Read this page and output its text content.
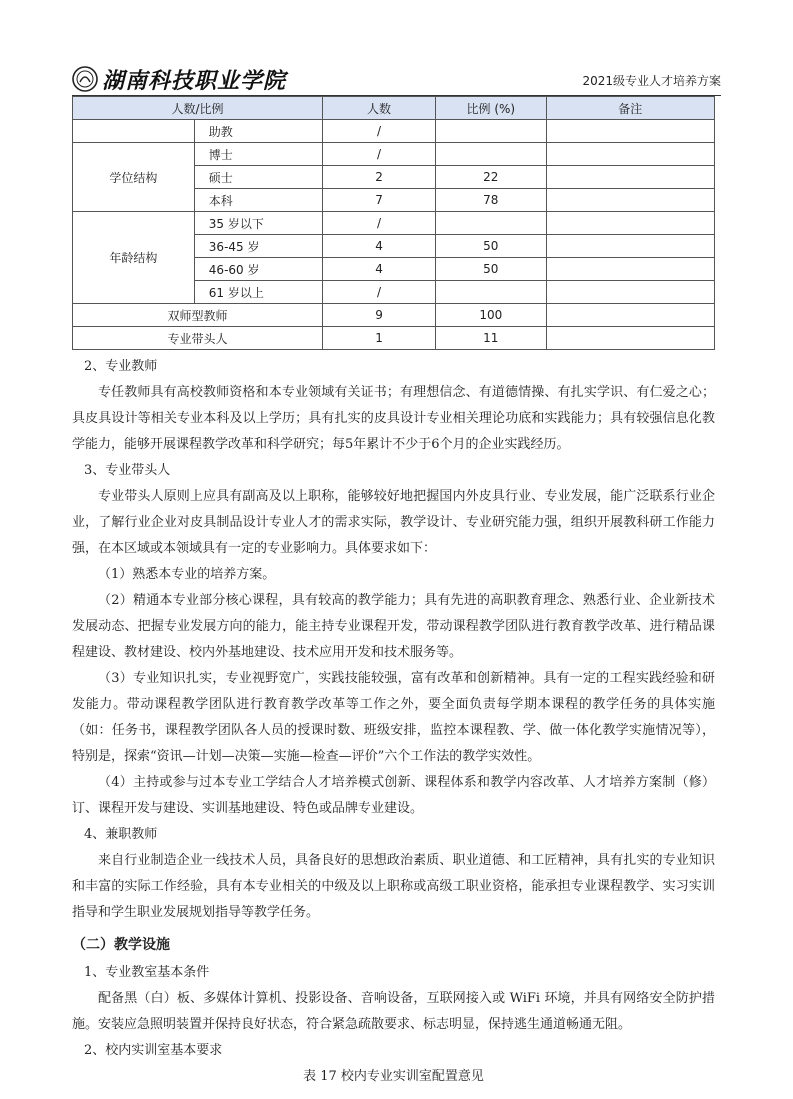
湖南科技职业学院	2021级专业人才培养方案
人数/比例		人数	比例 (%)	备注
	助教	/		
学位结构	博士	/		
	硕士	2	22	
	本科	7	78	
年龄结构	35 岁以下	/		
	36-45 岁	4	50	
	46-60 岁	4	50	
	61 岁以上	/		
双师型教师		9	100	
专业带头人		1	11	

2、专业教师

专任教师具有高校教师资格和本专业领域有关证书；有理想信念、有道德情操、有扎实学识、有仁爱之心；具皮具设计等相关专业本科及以上学历；具有扎实的皮具设计专业相关理论功底和实践能力；具有较强信息化教学能力，能够开展课程教学改革和科学研究；每5年累计不少于6个月的企业实践经历。

3、专业带头人

专业带头人原则上应具有副高及以上职称，能够较好地把握国内外皮具行业、专业发展，能广泛联系行业企业，了解行业企业对皮具制品设计专业人才的需求实际，教学设计、专业研究能力强，组织开展教科研工作能力强，在本区域或本领域具有一定的专业影响力。具体要求如下：

（1）熟悉本专业的培养方案。

（2）精通本专业部分核心课程，具有较高的教学能力；具有先进的高职教育理念、熟悉行业、企业新技术发展动态、把握专业发展方向的能力，能主持专业课程开发，带动课程教学团队进行教育教学改革、进行精品课程建设、教材建设、校内外基地建设、技术应用开发和技术服务等。

（3）专业知识扎实，专业视野宽广，实践技能较强，富有改革和创新精神。具有一定的工程实践经验和研发能力。带动课程教学团队进行教育教学改革等工作之外，要全面负责每学期本课程的教学任务的具体实施（如：任务书，课程教学团队各人员的授课时数、班级安排，监控本课程教、学、做一体化教学实施情况等），特别是，探索“资讯—计划—决策—实施—检查—评价”六个工作法的教学实效性。

（4）主持或参与过本专业工学结合人才培养模式创新、课程体系和教学内容改革、人才培养方案制（修）订、课程开发与建设、实训基地建设、特色或品牌专业建设。

4、兼职教师

来自行业制造企业一线技术人员，具备良好的思想政治素质、职业道德、和工匠精神，具有扎实的专业知识和丰富的实际工作经验，具有本专业相关的中级及以上职称或高级工职业资格，能承担专业课程教学、实习实训指导和学生职业发展规划指导等教学任务。

（二）教学设施

1、专业教室基本条件

配备黑（白）板、多媒体计算机、投影设备、音响设备，互联网接入或 WiFi 环境，并具有网络安全防护措施。安装应急照明装置并保持良好状态，符合紧急疏散要求、标志明显，保持逃生通道畅通无阻。

2、校内实训室基本要求

表 17 校内专业实训室配置意见
